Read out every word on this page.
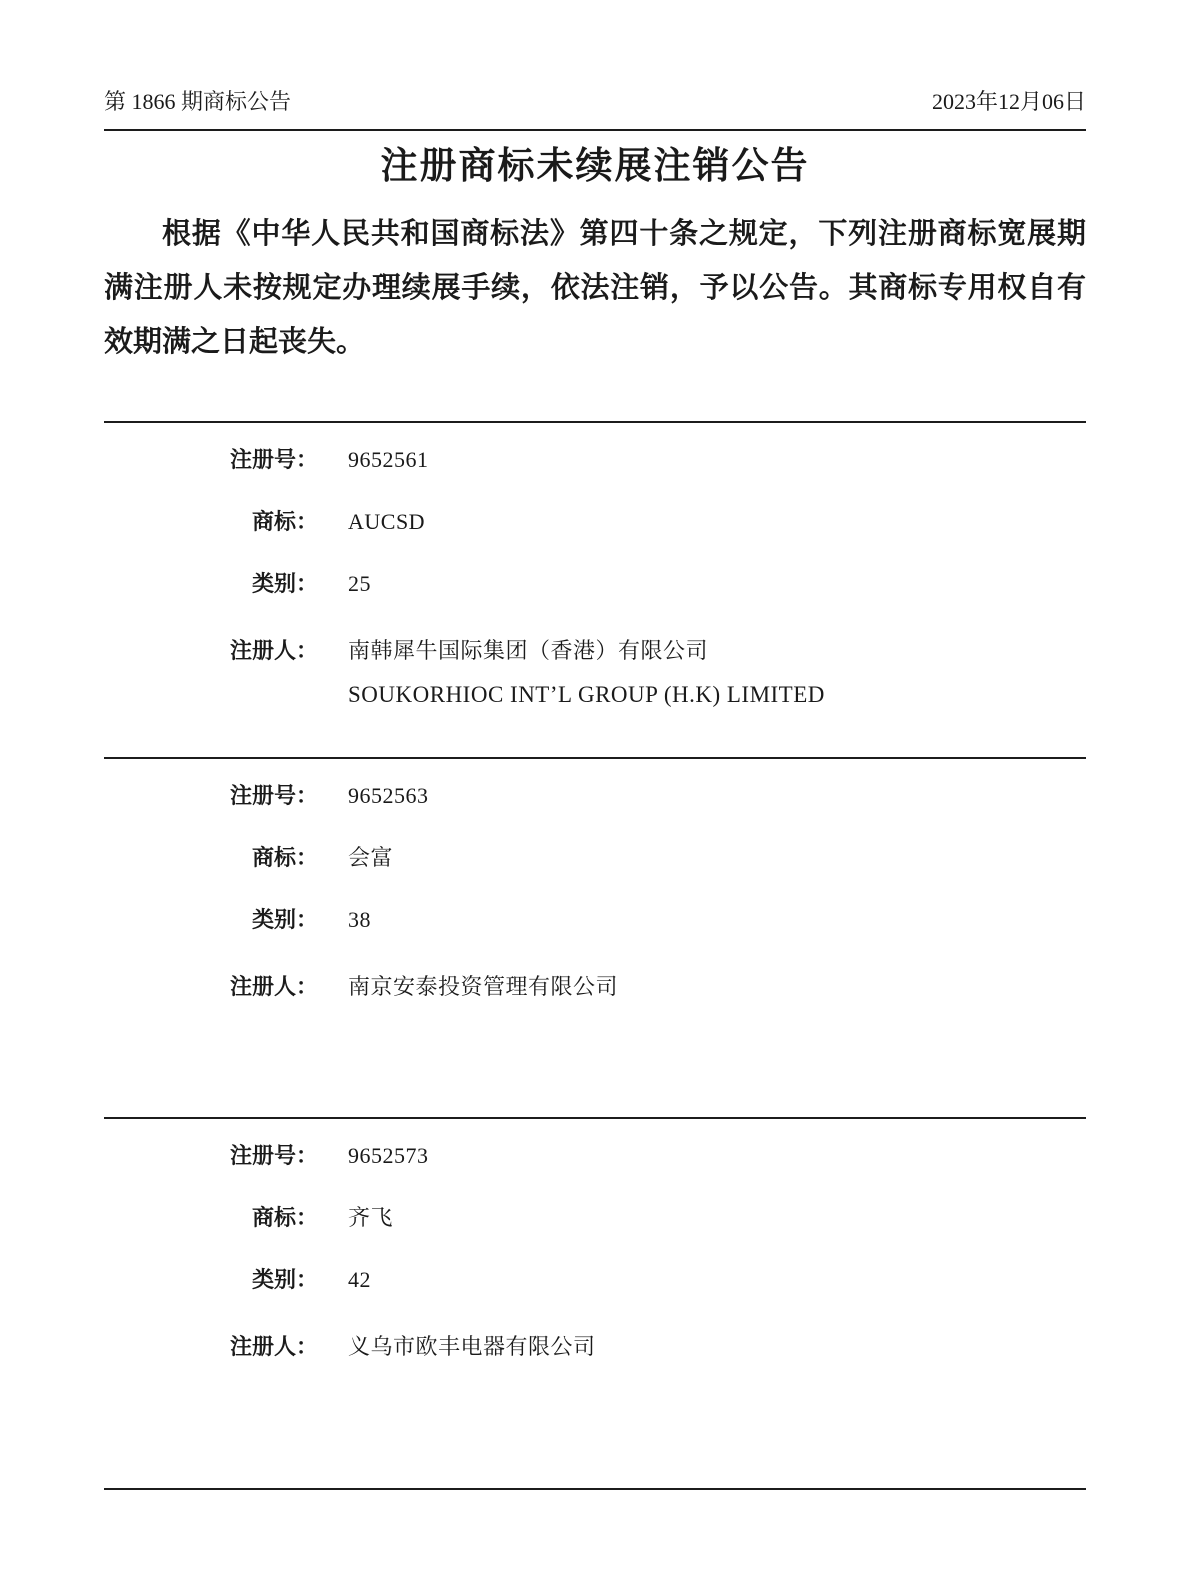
第 1866 期商标公告	2023年12月06日
注册商标未续展注销公告

根据《中华人民共和国商标法》第四十条之规定，下列注册商标宽展期满注册人未按规定办理续展手续，依法注销，予以公告。其商标专用权自有效期满之日起丧失。

注册号： 9652561
商标： AUCSD
类别： 25
注册人： 南韩犀牛国际集团（香港）有限公司
SOUKORHIOC INT’L GROUP (H.K) LIMITED
注册号： 9652563
商标： 会富
类别： 38
注册人： 南京安泰投资管理有限公司
注册号： 9652573
商标： 齐飞
类别： 42
注册人： 义乌市欧丰电器有限公司
